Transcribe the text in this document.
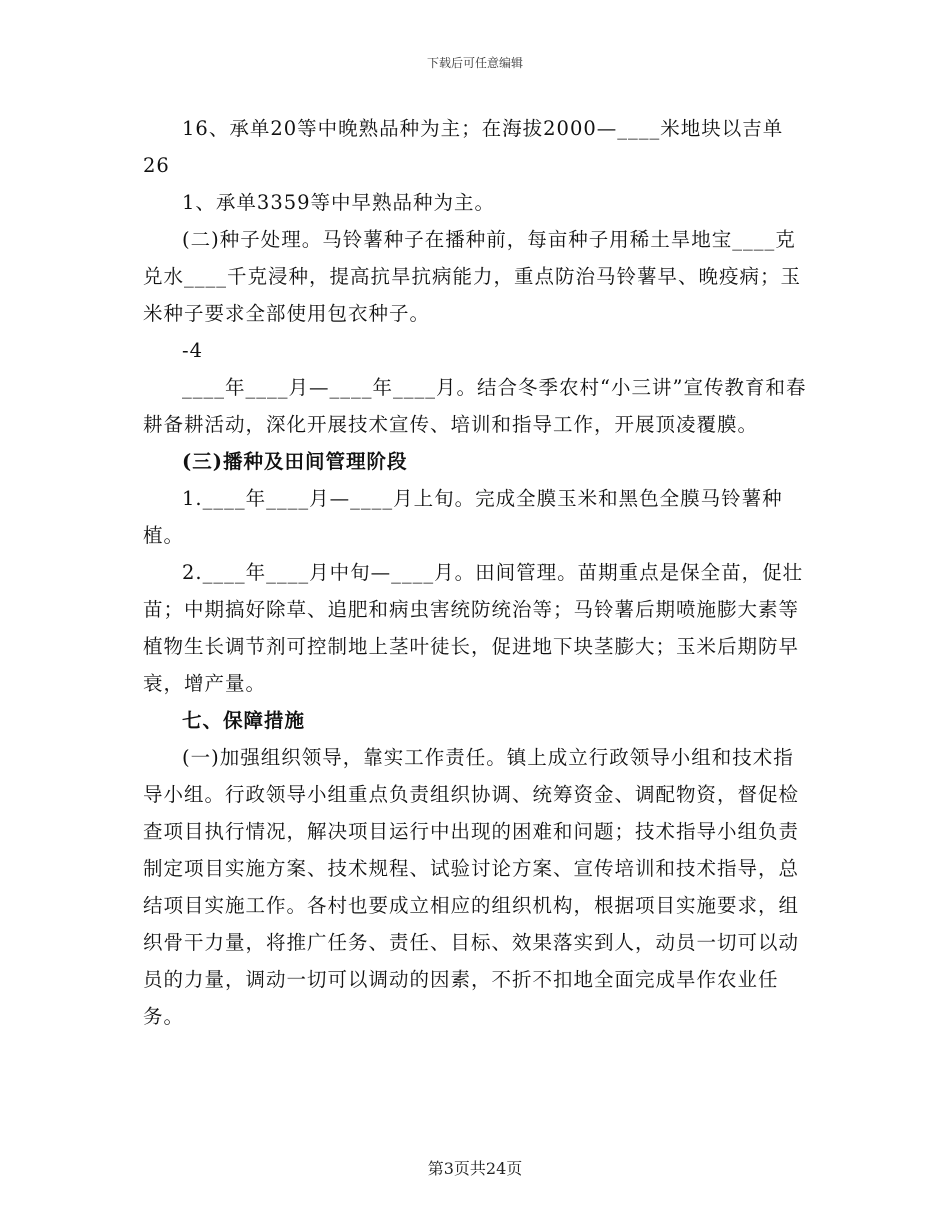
下载后可任意编辑

16、承单20等中晚熟品种为主；在海拔2000—____米地块以吉单

26

1、承单3359等中早熟品种为主。

(二)种子处理。马铃薯种子在播种前，每亩种子用稀土旱地宝____克兑水____千克浸种，提高抗旱抗病能力，重点防治马铃薯早、晚疫病；玉米种子要求全部使用包衣种子。

-4

____年____月—____年____月。结合冬季农村“小三讲”宣传教育和春耕备耕活动，深化开展技术宣传、培训和指导工作，开展顶凌覆膜。

(三)播种及田间管理阶段

1.____年____月—____月上旬。完成全膜玉米和黑色全膜马铃薯种植。

2.____年____月中旬—____月。田间管理。苗期重点是保全苗，促壮苗；中期搞好除草、追肥和病虫害统防统治等；马铃薯后期喷施膨大素等植物生长调节剂可控制地上茎叶徒长，促进地下块茎膨大；玉米后期防早衰，增产量。

七、保障措施

(一)加强组织领导，靠实工作责任。镇上成立行政领导小组和技术指导小组。行政领导小组重点负责组织协调、统筹资金、调配物资，督促检查项目执行情况，解决项目运行中出现的困难和问题；技术指导小组负责制定项目实施方案、技术规程、试验讨论方案、宣传培训和技术指导，总结项目实施工作。各村也要成立相应的组织机构，根据项目实施要求，组织骨干力量，将推广任务、责任、目标、效果落实到人，动员一切可以动员的力量，调动一切可以调动的因素，不折不扣地全面完成旱作农业任务。

第3页共24页
